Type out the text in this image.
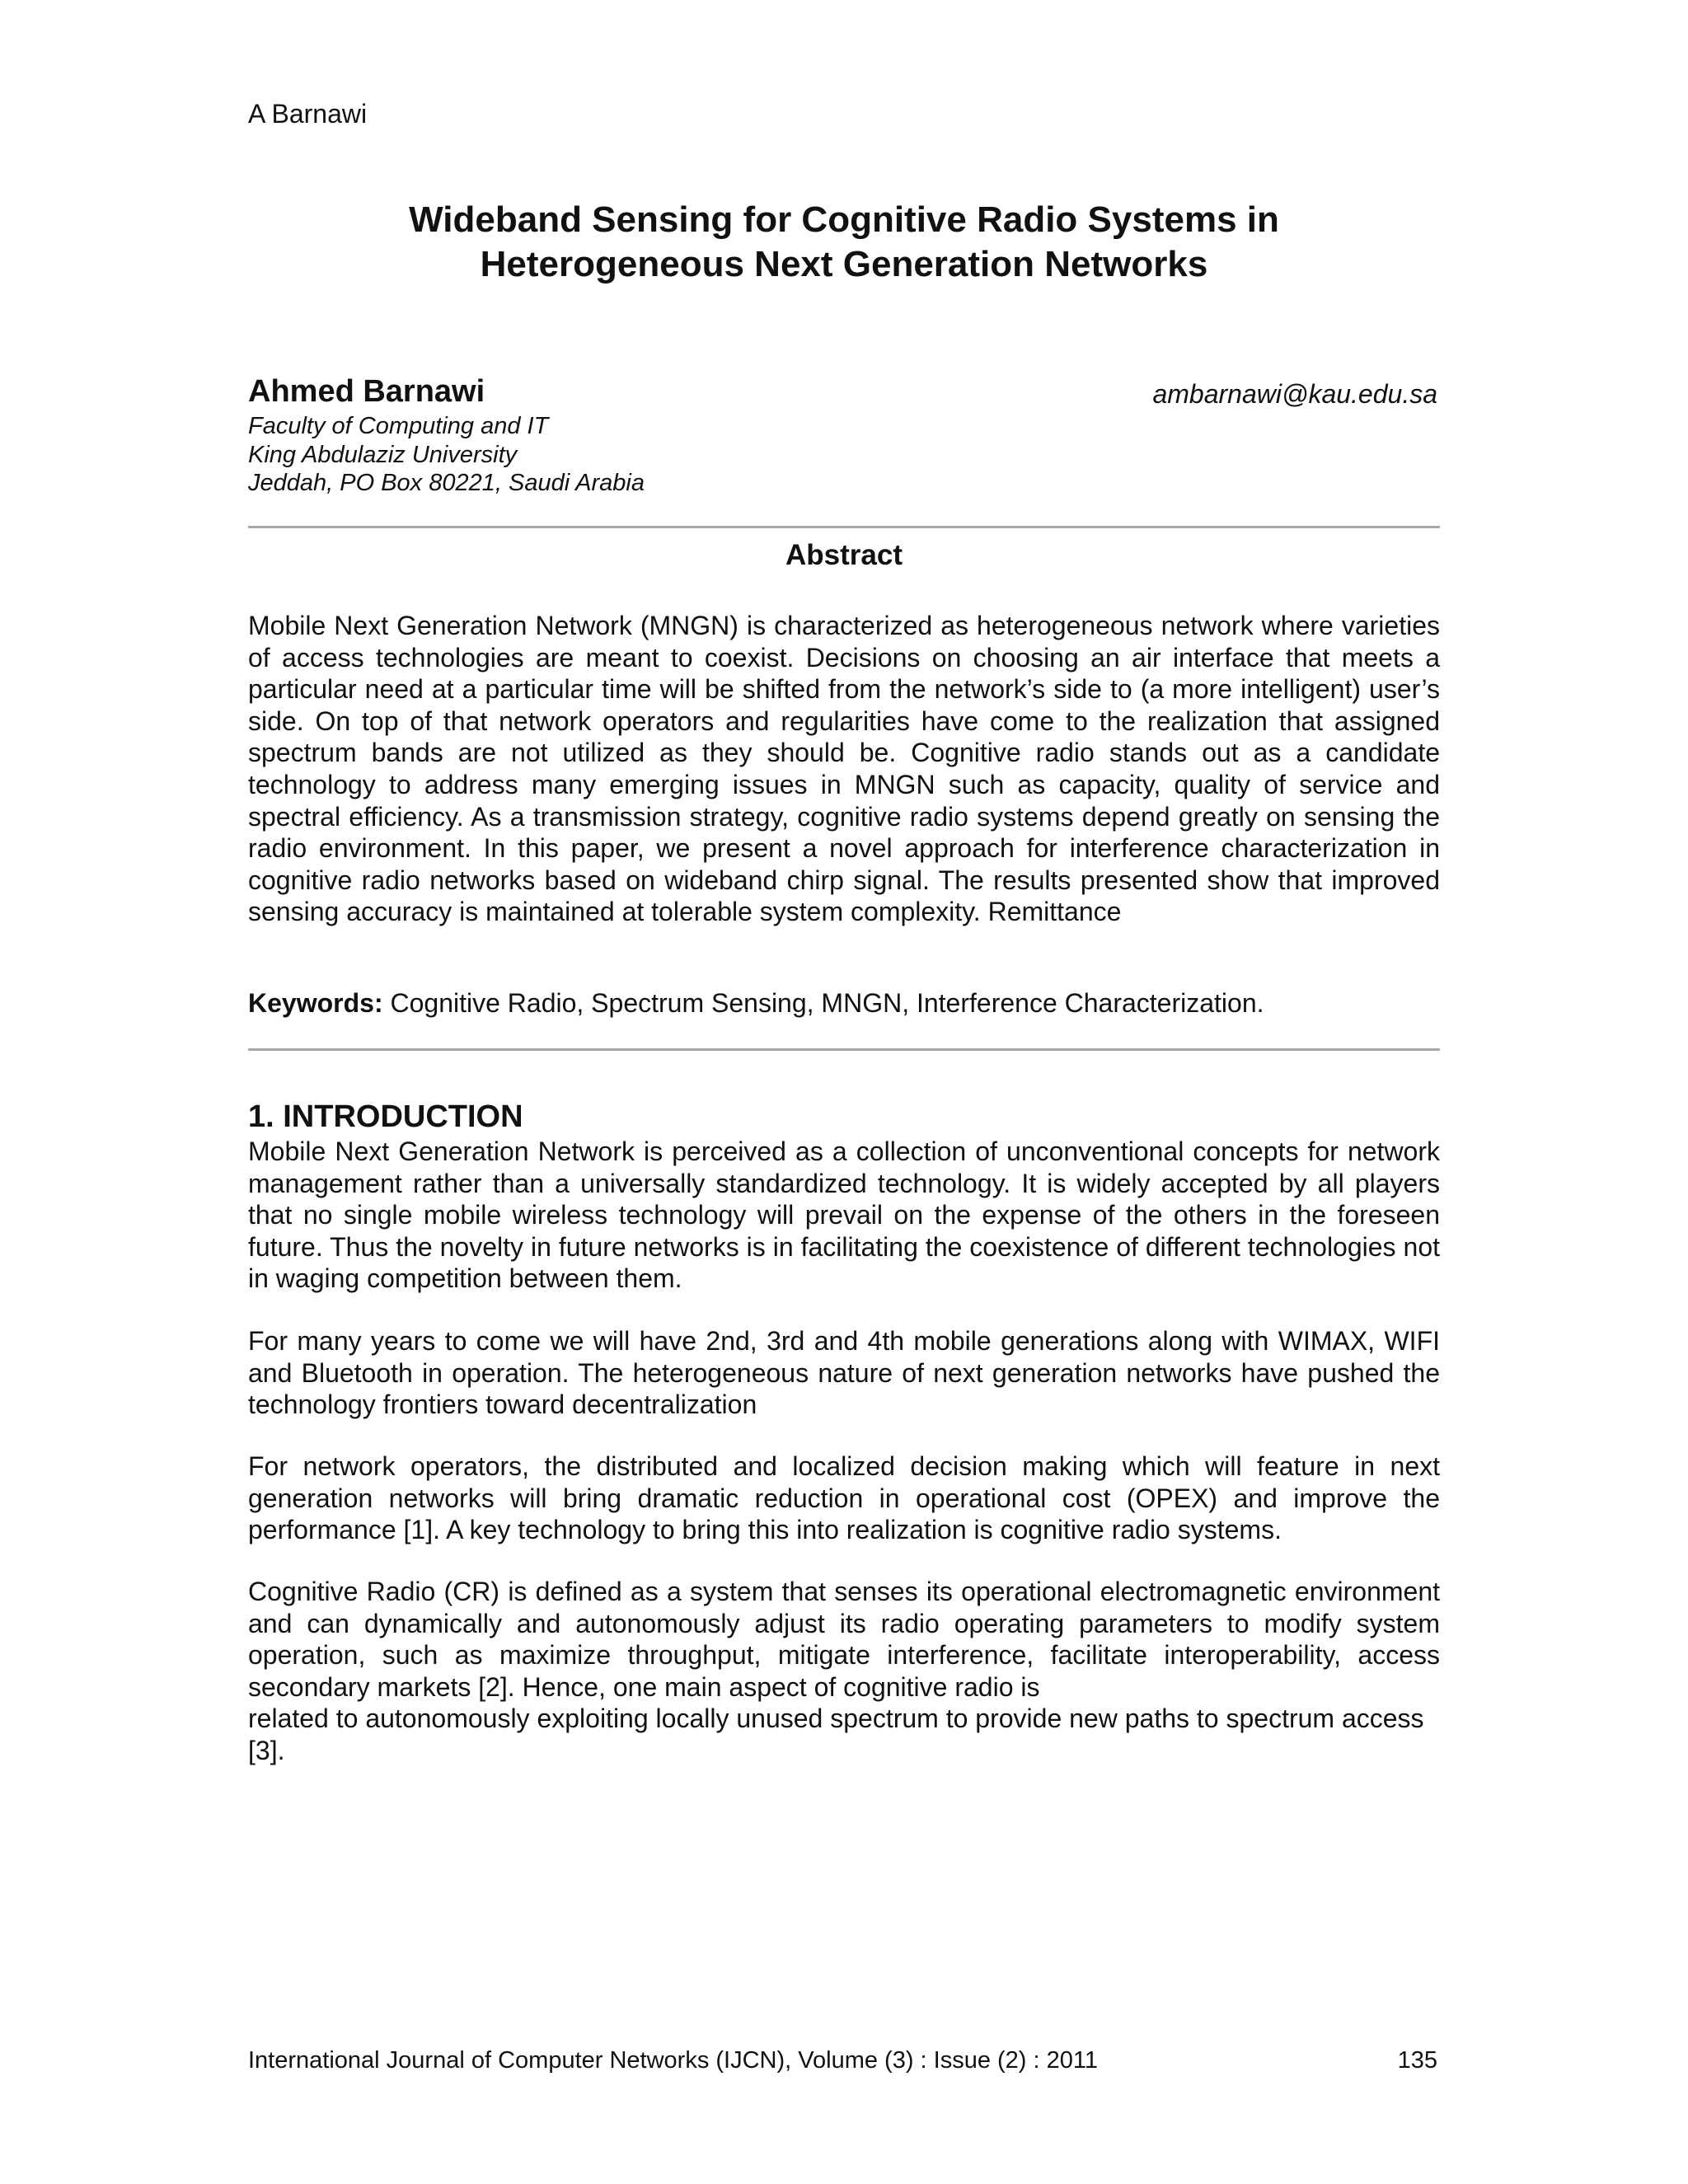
A Barnawi
Wideband Sensing for Cognitive Radio Systems in
Heterogeneous Next Generation Networks
Ahmed Barnawi	ambarnawi@kau.edu.sa
Faculty of Computing and IT
King Abdulaziz University
Jeddah, PO Box 80221, Saudi Arabia
Abstract

Mobile Next Generation Network (MNGN) is characterized as heterogeneous network where varieties of access technologies are meant to coexist. Decisions on choosing an air interface that meets a particular need at a particular time will be shifted from the network’s side to (a more intelligent) user’s side. On top of that network operators and regularities have come to the realization that assigned spectrum bands are not utilized as they should be. Cognitive radio stands out as a candidate technology to address many emerging issues in MNGN such as capacity, quality of service and spectral efficiency. As a transmission strategy, cognitive radio systems depend greatly on sensing the radio environment. In this paper, we present a novel approach for interference characterization in cognitive radio networks based on wideband chirp signal. The results presented show that improved sensing accuracy is maintained at tolerable system complexity. Remittance

Keywords: Cognitive Radio, Spectrum Sensing, MNGN, Interference Characterization.

1. INTRODUCTION

Mobile Next Generation Network is perceived as a collection of unconventional concepts for network management rather than a universally standardized technology. It is widely accepted by all players that no single mobile wireless technology will prevail on the expense of the others in the foreseen future. Thus the novelty in future networks is in facilitating the coexistence of different technologies not in waging competition between them.

For many years to come we will have 2nd, 3rd and 4th mobile generations along with WIMAX, WIFI and Bluetooth in operation. The heterogeneous nature of next generation networks have pushed the technology frontiers toward decentralization

For network operators, the distributed and localized decision making which will feature in next generation networks will bring dramatic reduction in operational cost (OPEX) and improve the performance [1]. A key technology to bring this into realization is cognitive radio systems.

Cognitive Radio (CR) is defined as a system that senses its operational electromagnetic environment and can dynamically and autonomously adjust its radio operating parameters to modify system operation, such as maximize throughput, mitigate interference, facilitate interoperability, access secondary markets [2]. Hence, one main aspect of cognitive radio is
related to autonomously exploiting locally unused spectrum to provide new paths to spectrum access [3].
International Journal of Computer Networks (IJCN), Volume (3) : Issue (2) : 2011	135
